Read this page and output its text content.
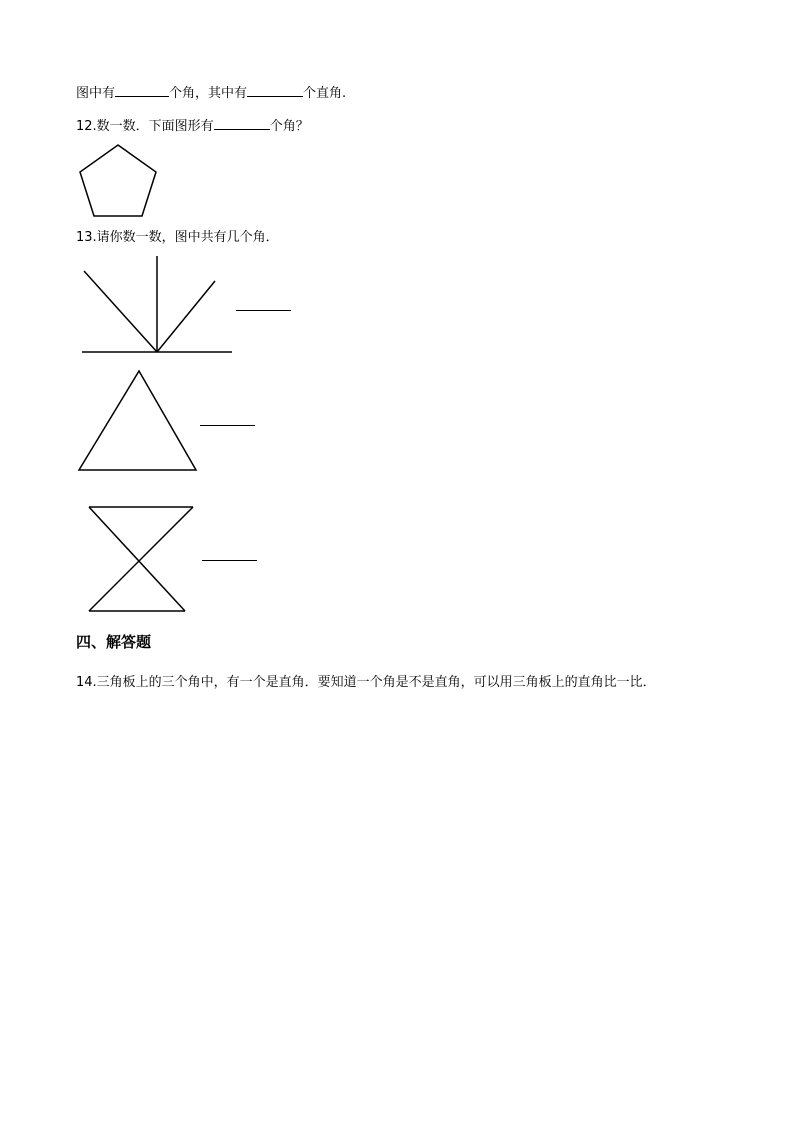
图中有	个角，其中有	个直角.
12.数一数．下面图形有	个角？
13.请你数一数，图中共有几个角．
四、解答题
14.三角板上的三个角中，有一个是直角．要知道一个角是不是直角，可以用三角板上的直角比一比．
